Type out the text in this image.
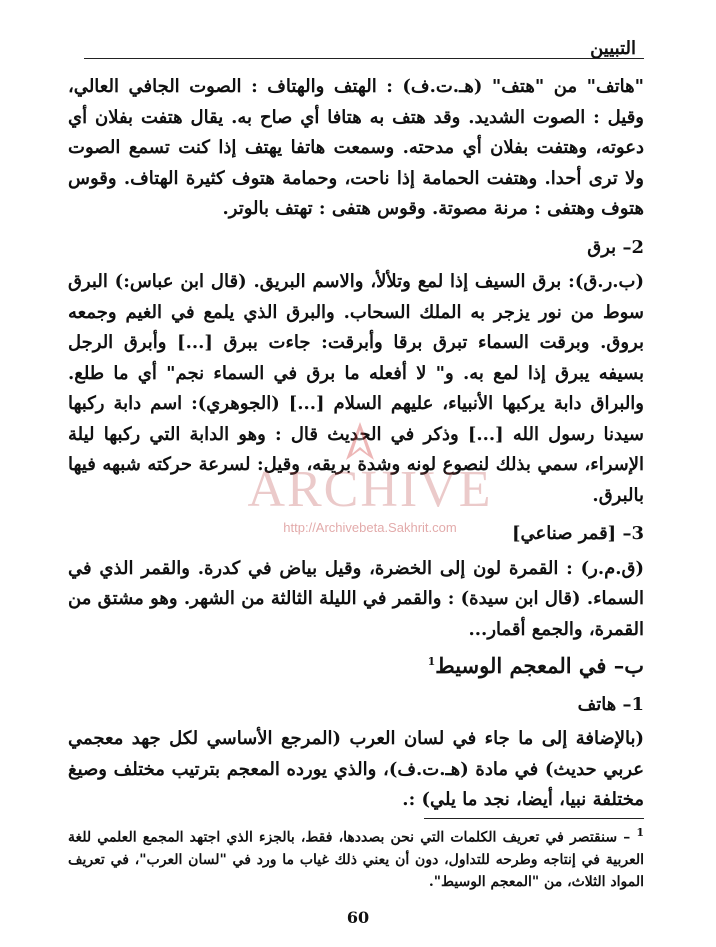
التبيين

"هاتف" من "هتف" (هـ.ت.ف) : الهتف والهتاف : الصوت الجافي العالي، وقيل : الصوت الشديد. وقد هتف به هتافا أي صاح به. يقال هتفت بفلان أي دعوته، وهتفت بفلان أي مدحته. وسمعت هاتفا يهتف إذا كنت تسمع الصوت ولا ترى أحدا. وهتفت الحمامة إذا ناحت، وحمامة هتوف كثيرة الهتاف. وقوس هتوف وهتفى : مرنة مصوتة. وقوس هتفى : تهتف بالوتر.

2– برق

(ب.ر.ق): برق السيف إذا لمع وتلألأ، والاسم البريق. (قال ابن عباس:) البرق سوط من نور يزجر به الملك السحاب. والبرق الذي يلمع في الغيم وجمعه بروق. وبرقت السماء تبرق برقا وأبرقت: جاءت ببرق [...] وأبرق الرجل بسيفه يبرق إذا لمع به. و" لا أفعله ما برق في السماء نجم" أي ما طلع. والبراق دابة يركبها الأنبياء، عليهم السلام [...] (الجوهري): اسم دابة ركبها سيدنا رسول الله [...] وذكر في الحديث قال : وهو الدابة التي ركبها ليلة الإسراء، سمي بذلك لنصوع لونه وشدة بريقه، وقيل: لسرعة حركته شبهه فيها بالبرق.

3– [قمر صناعي]

(ق.م.ر) : القمرة لون إلى الخضرة، وقيل بياض في كدرة. والقمر الذي في السماء. (قال ابن سيدة) : والقمر في الليلة الثالثة من الشهر. وهو مشتق من القمرة، والجمع أقمار...

ب– في المعجم الوسيط$^1$

1– هاتف

(بالإضافة إلى ما جاء في لسان العرب (المرجع الأساسي لكل جهد معجمي عربي حديث) في مادة (هـ.ت.ف)، والذي يورده المعجم بترتيب مختلف وصيغ مختلفة نبيا، أيضا، نجد ما يلي) :.

ARCHIVE
http://Archivebeta.Sakhrit.com
$^1$ – سنقتصر في تعريف الكلمات التي نحن بصددها، فقط، بالجزء الذي اجتهد المجمع العلمي للغة العربية في إنتاجه وطرحه للتداول، دون أن يعني ذلك غياب ما ورد في "لسان العرب"، في تعريف المواد الثلاث، من "المعجم الوسيط".
60
